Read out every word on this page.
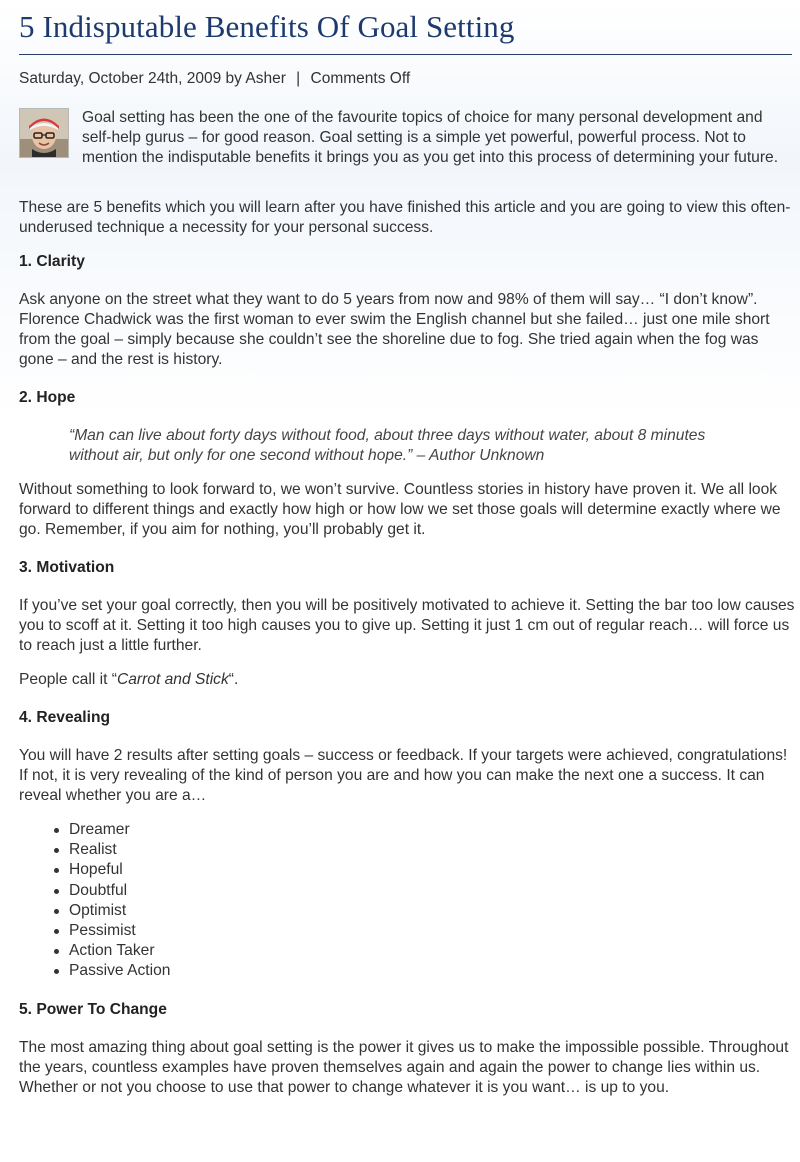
5 Indisputable Benefits Of Goal Setting
Saturday, October 24th, 2009 by Asher | Comments Off

Goal setting has been the one of the favourite topics of choice for many personal development and self-help gurus – for good reason. Goal setting is a simple yet powerful, powerful process. Not to mention the indisputable benefits it brings you as you get into this process of determining your future.

These are 5 benefits which you will learn after you have finished this article and you are going to view this often-underused technique a necessity for your personal success.

1. Clarity

Ask anyone on the street what they want to do 5 years from now and 98% of them will say… “I don’t know”. Florence Chadwick was the first woman to ever swim the English channel but she failed… just one mile short from the goal – simply because she couldn’t see the shoreline due to fog. She tried again when the fog was gone – and the rest is history.

2. Hope
“Man can live about forty days without food, about three days without water, about 8 minutes without air, but only for one second without hope.” – Author Unknown

Without something to look forward to, we won’t survive. Countless stories in history have proven it. We all look forward to different things and exactly how high or how low we set those goals will determine exactly where we go. Remember, if you aim for nothing, you’ll probably get it.

3. Motivation

If you’ve set your goal correctly, then you will be positively motivated to achieve it. Setting the bar too low causes you to scoff at it. Setting it too high causes you to give up. Setting it just 1 cm out of regular reach… will force us to reach just a little further.

People call it “Carrot and Stick“.

4. Revealing

You will have 2 results after setting goals – success or feedback. If your targets were achieved, congratulations! If not, it is very revealing of the kind of person you are and how you can make the next one a success. It can reveal whether you are a…

Dreamer
Realist
Hopeful
Doubtful
Optimist
Pessimist
Action Taker
Passive Action
5. Power To Change

The most amazing thing about goal setting is the power it gives us to make the impossible possible. Throughout the years, countless examples have proven themselves again and again the power to change lies within us. Whether or not you choose to use that power to change whatever it is you want… is up to you.
